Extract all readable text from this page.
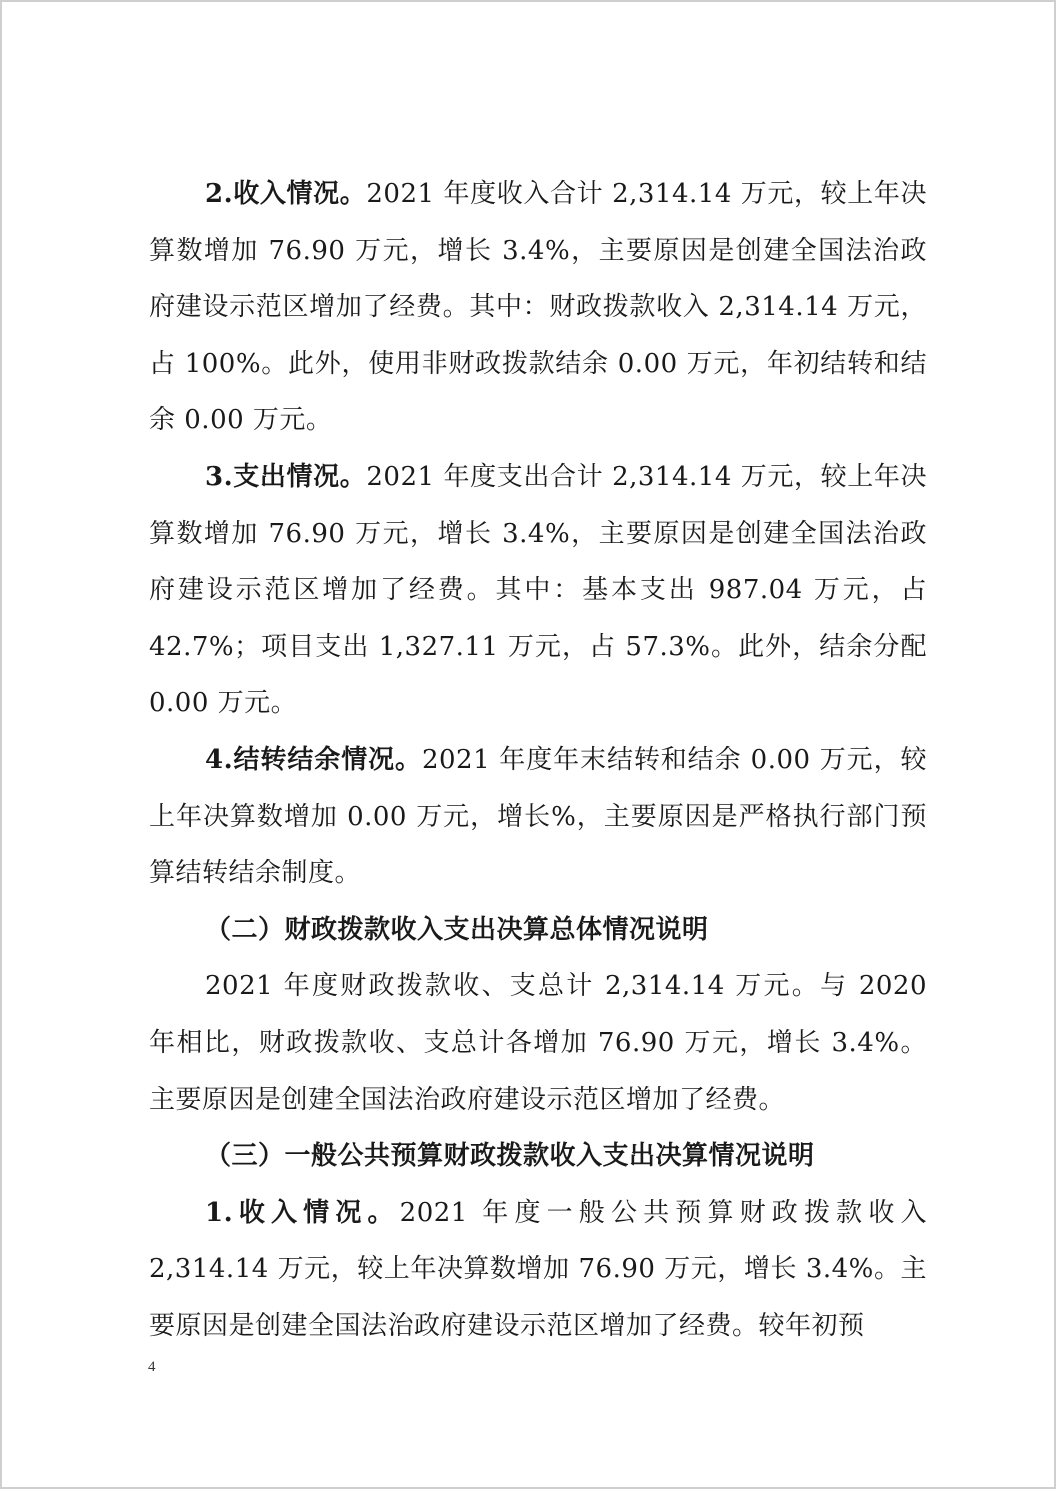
2.收入情况。2021 年度收入合计 2,314.14 万元，较上年决算数增加 76.90 万元，增长 3.4%，主要原因是创建全国法治政府建设示范区增加了经费。其中：财政拨款收入 2,314.14 万元，占 100%。此外，使用非财政拨款结余 0.00 万元，年初结转和结余 0.00 万元。

3.支出情况。2021 年度支出合计 2,314.14 万元，较上年决算数增加 76.90 万元，增长 3.4%，主要原因是创建全国法治政府建设示范区增加了经费。其中：基本支出 987.04 万元，占 42.7%；项目支出 1,327.11 万元，占 57.3%。此外，结余分配 0.00 万元。

4.结转结余情况。2021 年度年末结转和结余 0.00 万元，较上年决算数增加 0.00 万元，增长%，主要原因是严格执行部门预算结转结余制度。

（二）财政拨款收入支出决算总体情况说明

2021 年度财政拨款收、支总计 2,314.14 万元。与 2020 年相比，财政拨款收、支总计各增加 76.90 万元，增长 3.4%。主要原因是创建全国法治政府建设示范区增加了经费。

（三）一般公共预算财政拨款收入支出决算情况说明

1.收入情况。2021 年度一般公共预算财政拨款收入 2,314.14 万元，较上年决算数增加 76.90 万元，增长 3.4%。主要原因是创建全国法治政府建设示范区增加了经费。较年初预

4
